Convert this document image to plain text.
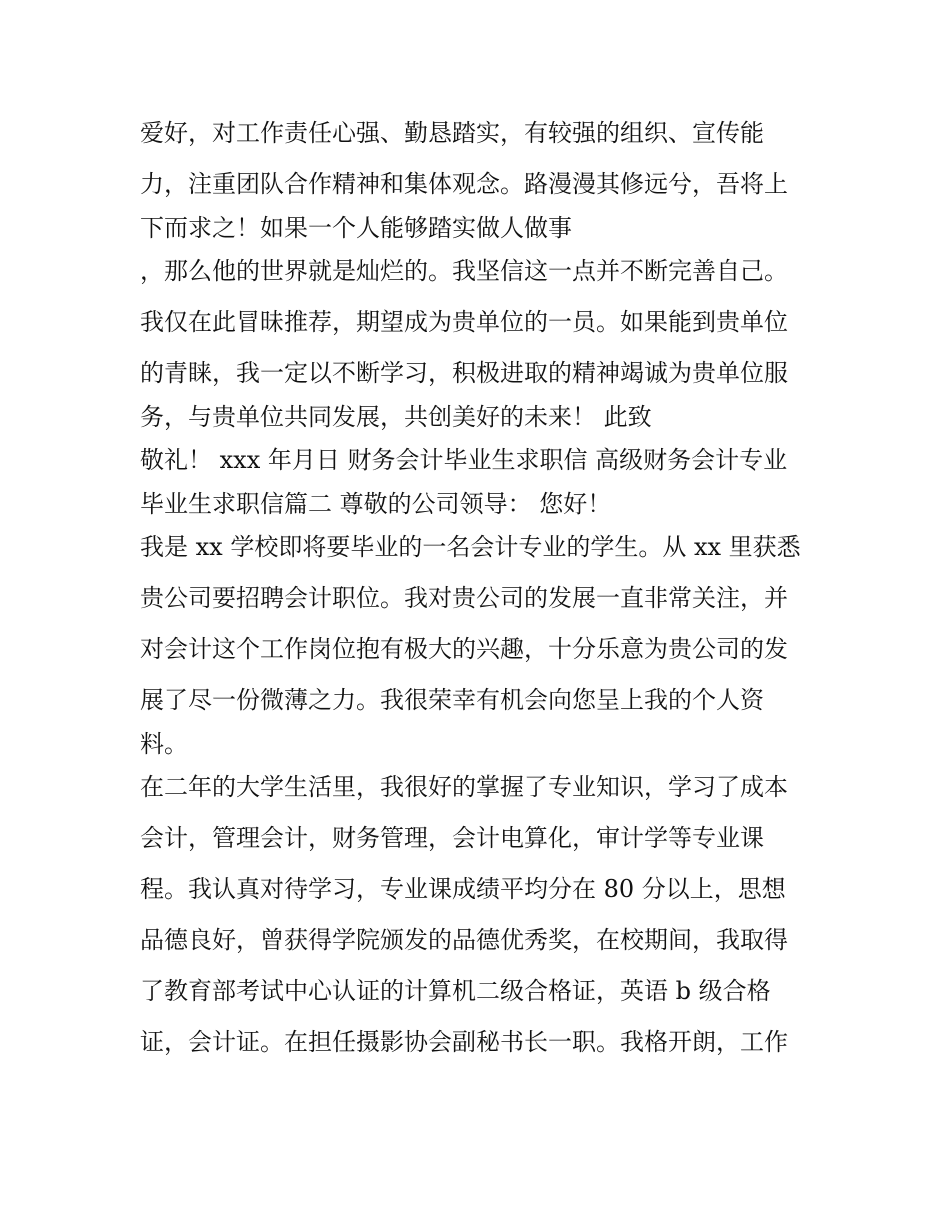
爱好，对工作责任心强、勤恳踏实，有较强的组织、宣传能
力，注重团队合作精神和集体观念。路漫漫其修远兮，吾将上
下而求之！如果一个人能够踏实做人做事
，那么他的世界就是灿烂的。我坚信这一点并不断完善自己。
我仅在此冒昧推荐，期望成为贵单位的一员。如果能到贵单位
的青睐，我一定以不断学习，积极进取的精神竭诚为贵单位服
务，与贵单位共同发展，共创美好的未来！ 此致
敬礼！ xxx 年月日 财务会计毕业生求职信 高级财务会计专业
毕业生求职信篇二 尊敬的公司领导： 您好！
我是 xx 学校即将要毕业的一名会计专业的学生。从 xx 里获悉
贵公司要招聘会计职位。我对贵公司的发展一直非常关注，并
对会计这个工作岗位抱有极大的兴趣，十分乐意为贵公司的发
展了尽一份微薄之力。我很荣幸有机会向您呈上我的个人资
料。
在二年的大学生活里，我很好的掌握了专业知识，学习了成本
会计，管理会计，财务管理，会计电算化，审计学等专业课
程。我认真对待学习，专业课成绩平均分在 80 分以上，思想
品德良好，曾获得学院颁发的品德优秀奖，在校期间，我取得
了教育部考试中心认证的计算机二级合格证，英语 b 级合格
证，会计证。在担任摄影协会副秘书长一职。我格开朗，工作
